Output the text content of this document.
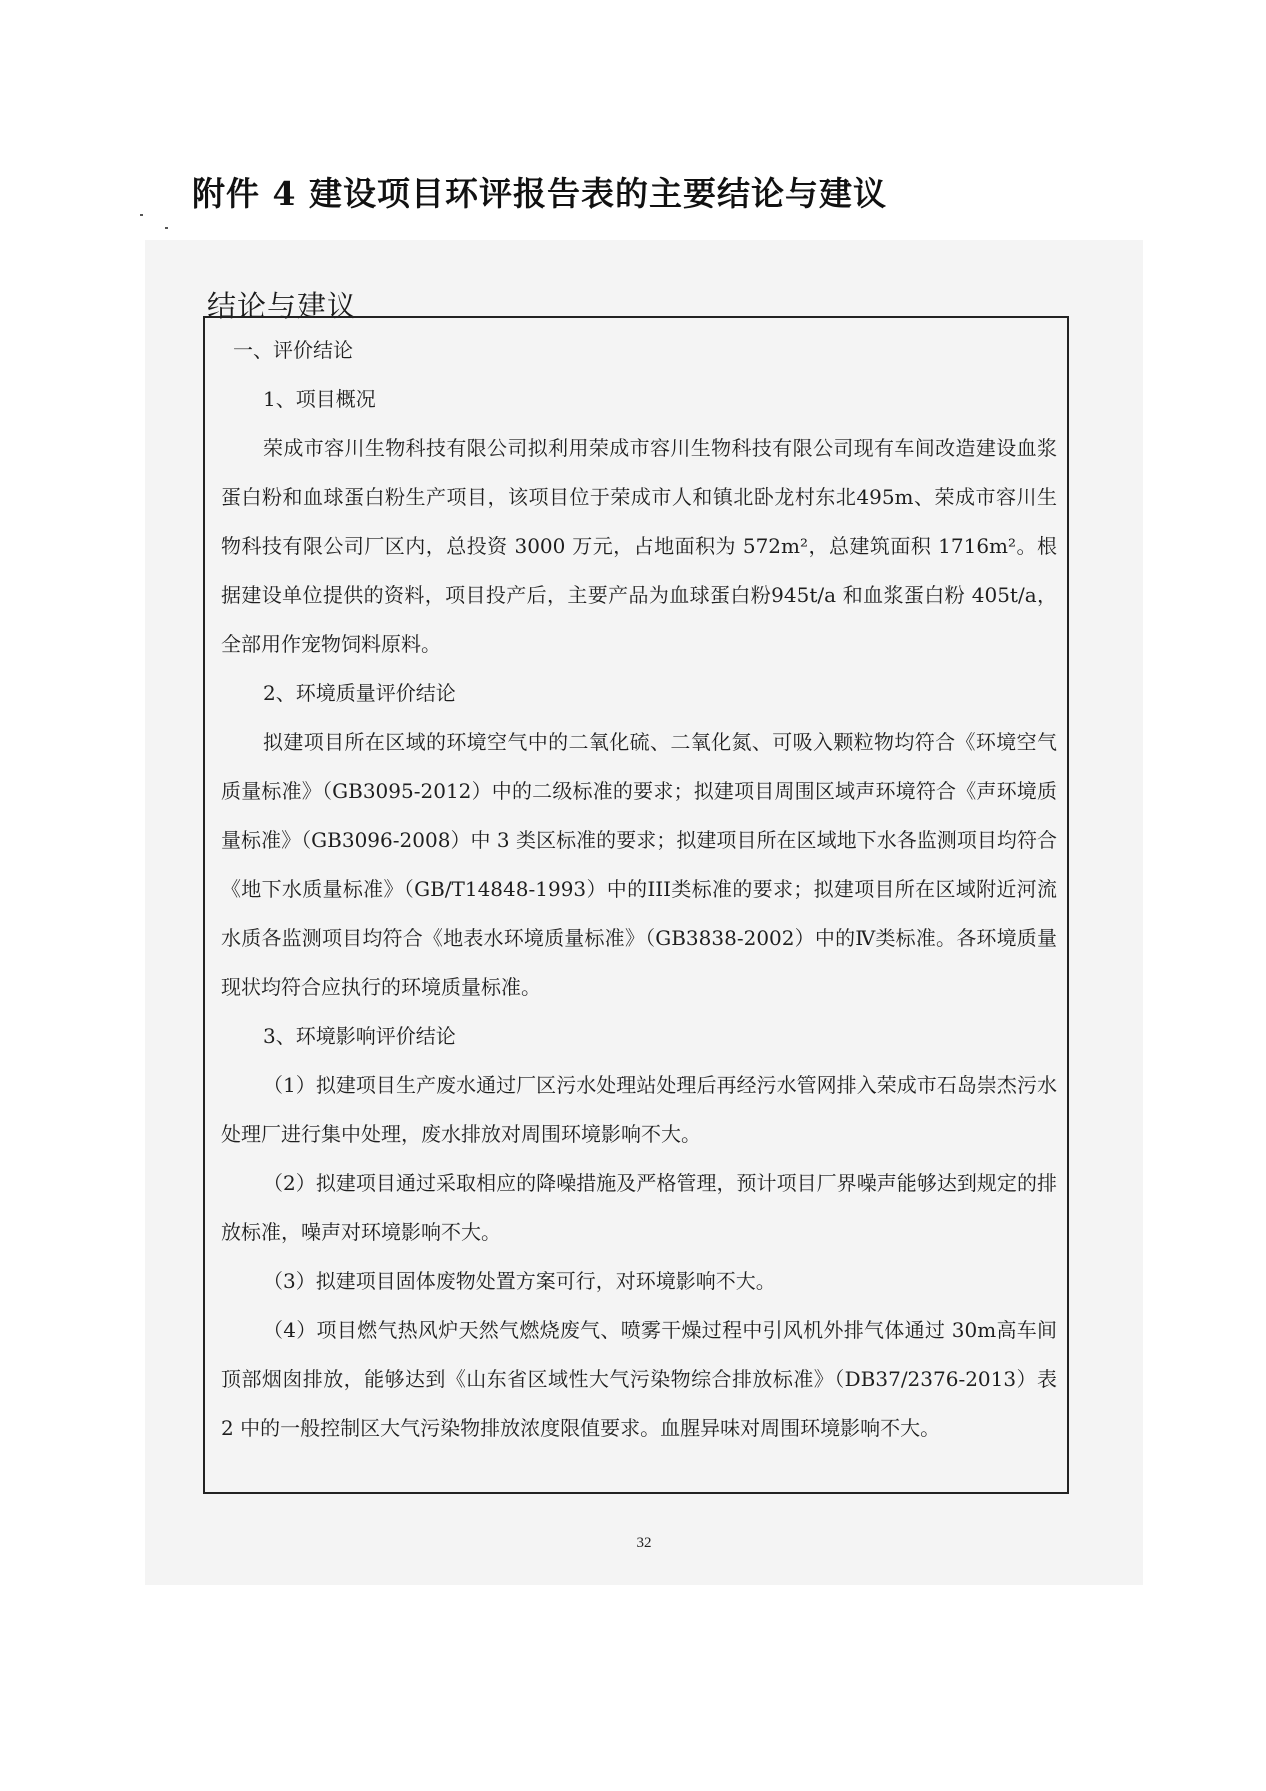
附件 4 建设项目环评报告表的主要结论与建议
结论与建议

一、评价结论

1、项目概况

荣成市容川生物科技有限公司拟利用荣成市容川生物科技有限公司现有车间改造建设血浆蛋白粉和血球蛋白粉生产项目，该项目位于荣成市人和镇北卧龙村东北495m、荣成市容川生物科技有限公司厂区内，总投资 3000 万元，占地面积为 572m²，总建筑面积 1716m²。根据建设单位提供的资料，项目投产后，主要产品为血球蛋白粉945t/a 和血浆蛋白粉 405t/a，全部用作宠物饲料原料。

2、环境质量评价结论

拟建项目所在区域的环境空气中的二氧化硫、二氧化氮、可吸入颗粒物均符合《环境空气质量标准》（GB3095-2012）中的二级标准的要求；拟建项目周围区域声环境符合《声环境质量标准》（GB3096-2008）中 3 类区标准的要求；拟建项目所在区域地下水各监测项目均符合《地下水质量标准》（GB/T14848-1993）中的III类标准的要求；拟建项目所在区域附近河流水质各监测项目均符合《地表水环境质量标准》（GB3838-2002）中的Ⅳ类标准。各环境质量现状均符合应执行的环境质量标准。

3、环境影响评价结论

（1）拟建项目生产废水通过厂区污水处理站处理后再经污水管网排入荣成市石岛崇杰污水处理厂进行集中处理，废水排放对周围环境影响不大。

（2）拟建项目通过采取相应的降噪措施及严格管理，预计项目厂界噪声能够达到规定的排放标准，噪声对环境影响不大。

（3）拟建项目固体废物处置方案可行，对环境影响不大。

（4）项目燃气热风炉天然气燃烧废气、喷雾干燥过程中引风机外排气体通过 30m高车间顶部烟囱排放，能够达到《山东省区域性大气污染物综合排放标准》（DB37/2376-2013）表 2 中的一般控制区大气污染物排放浓度限值要求。血腥异味对周围环境影响不大。

32
